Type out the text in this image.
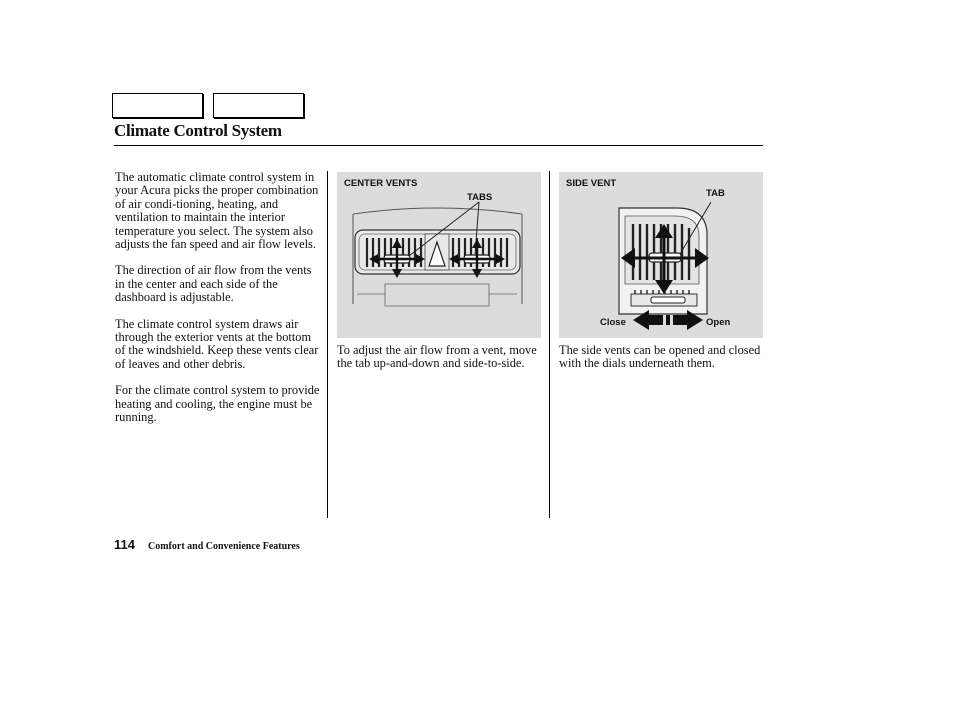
Climate Control System

The automatic climate control system in your Acura picks the proper combination of air condi-tioning, heating, and ventilation to maintain the interior temperature you select. The system also adjusts the fan speed and air flow levels.

The direction of air flow from the vents in the center and each side of the dashboard is adjustable.

The climate control system draws air through the exterior vents at the bottom of the windshield. Keep these vents clear of leaves and other debris.

For the climate control system to provide heating and cooling, the engine must be running.

CENTER VENTS
TABS
SIDE VENT
TAB
Close	Open
To adjust the air flow from a vent, move the tab up-and-down and side-to-side.
The side vents can be opened and closed with the dials underneath them.
114 Comfort and Convenience Features
